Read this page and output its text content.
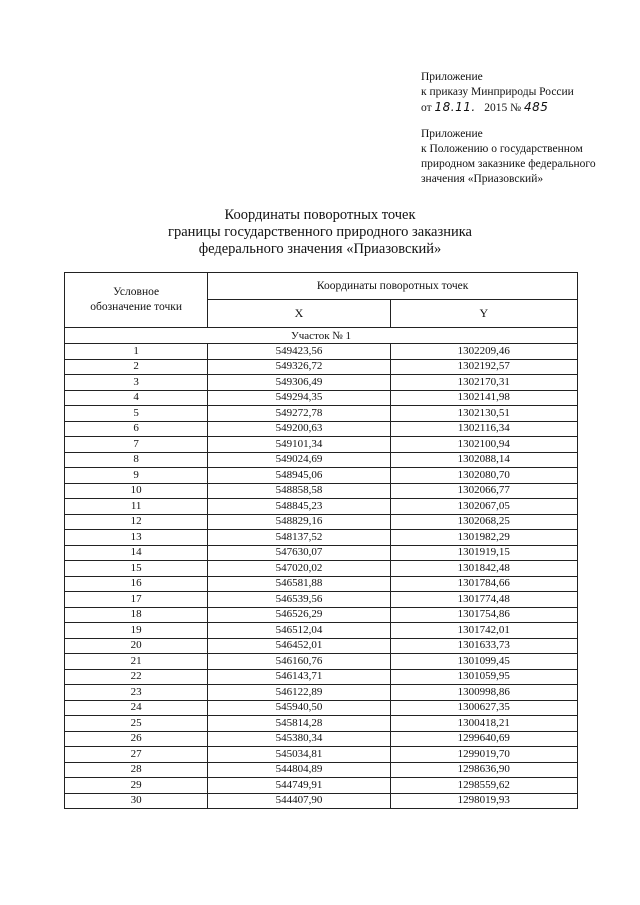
Приложение
к приказу Минприроды России
от 18.11. 2015 № 485
Приложение
к Положению о государственном
природном заказнике федерального
значения «Приазовский»
Координаты поворотных точек
границы государственного природного заказника
федерального значения «Приазовский»
Условное
обозначение точки	Координаты поворотных точек	
	X	Y
Участок № 1		
1	549423,56	1302209,46
2	549326,72	1302192,57
3	549306,49	1302170,31
4	549294,35	1302141,98
5	549272,78	1302130,51
6	549200,63	1302116,34
7	549101,34	1302100,94
8	549024,69	1302088,14
9	548945,06	1302080,70
10	548858,58	1302066,77
11	548845,23	1302067,05
12	548829,16	1302068,25
13	548137,52	1301982,29
14	547630,07	1301919,15
15	547020,02	1301842,48
16	546581,88	1301784,66
17	546539,56	1301774,48
18	546526,29	1301754,86
19	546512,04	1301742,01
20	546452,01	1301633,73
21	546160,76	1301099,45
22	546143,71	1301059,95
23	546122,89	1300998,86
24	545940,50	1300627,35
25	545814,28	1300418,21
26	545380,34	1299640,69
27	545034,81	1299019,70
28	544804,89	1298636,90
29	544749,91	1298559,62
30	544407,90	1298019,93
